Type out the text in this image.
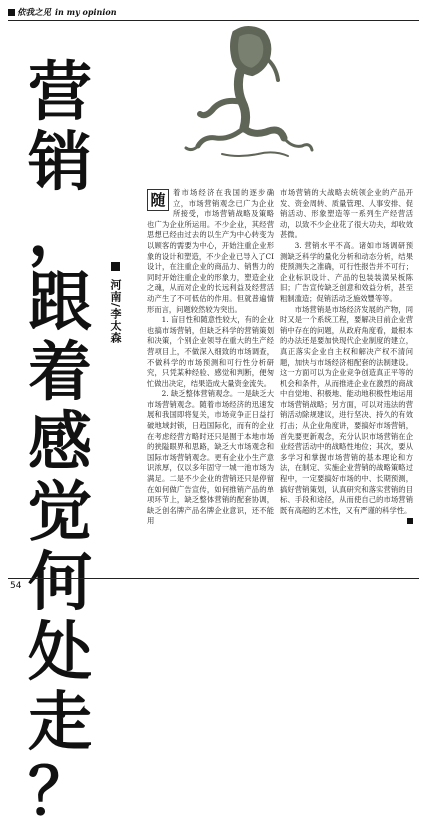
依我之见 in my opinion
营
销
，
跟
着
感
觉
何
处
走
？
河南/李太森

随	着市场经济在我国的逐步确立，市场营销观念已广为企业所接受，市场营销战略及策略也广为企业所运用。不少企业，其经营思想已经由过去的以生产为中心转变为以顾客的需要为中心，开始注重企业形象的设计和塑造，不少企业已导入了CI设计，在注重企业的商品力、销售力的同时开始注重企业的形象力，塑造企业之魂，从而对企业的长远利益及经营活动产生了不可低估的作用。但就普遍情形而言，问题较然较为突出。

1. 盲目性和随意性较大，有的企业也搞市场营销，但缺乏科学的营销策划和决策，个别企业领导在重大的生产经营项目上，不做深入细致的市场调查，不做科学的市场预测和可行性分析研究，只凭某种经验、感觉和判断，便匆忙做出决定，结果造成大量资金流失。

2. 缺乏整体营销观念。一是缺乏大市场营销观念。随着市场经济的迅速发展和我国即将复关，市场竞争正日益打破地域封锁，日趋国际化，而有的企业在考虑经营方略时还只是囿于本地市场的狭隘眼界和思路，缺乏大市场观念和国际市场营销观念。更有企业小生产意识浓厚，仅以多年固守一城一池市场为满足。二是不少企业的营销还只是停留在如何做广告宣传，如何推销产品的单项环节上，缺乏整体营销的配套协调，缺乏创名牌产品名牌企业意识，还不能用

市场营销的大战略去统领企业的产品开发、资金周转、质量管理、人事安排、促销活动、形象塑造等一系列生产经营活动，以致不少企业花了很大功夫，却收效甚微。

3. 营销水平不高。诸如市场调研预测缺乏科学的量化分析和动态分析，结果使预测失之准确，可行性报告并不可行；企业标识设计、产品的包装装潢呆板陈旧；广告宣传缺乏创意和效益分析，甚至粗制滥造；促销活动乏施效豐等等。

市场营销是市场经济发展的产物，同时又是一个系统工程，要解决目前企业营销中存在的问题，从政府角度看，最根本的办法还是要加快现代企业制度的建立，真正落实企业自主权和解决产权不清问题，加快与市场经济相配套的法制建设。这一方面可以为企业竞争创造真正平等的机会和条件，从而推进企业在激烈的商战中自觉地、积极地、能动地积极性地运用市场营销战略；另方面，可以对违法的营销活动除规建议，进行坚决、持久的有效打击；从企业角度讲，要搞好市场营销，首先要更新观念，充分认识市场营销在企业经营活动中的战略性地位；其次，要从多学习和掌握市场营销的基本理论和方法，在制定、实施企业营销的战略策略过程中，一定要搞好市场的中、长期预测，搞好营销策划，认真研究和落实营销的目标、手段和途径，从而使自己的市场营销既有高超的艺术性，又有严谨的科学性。

54
